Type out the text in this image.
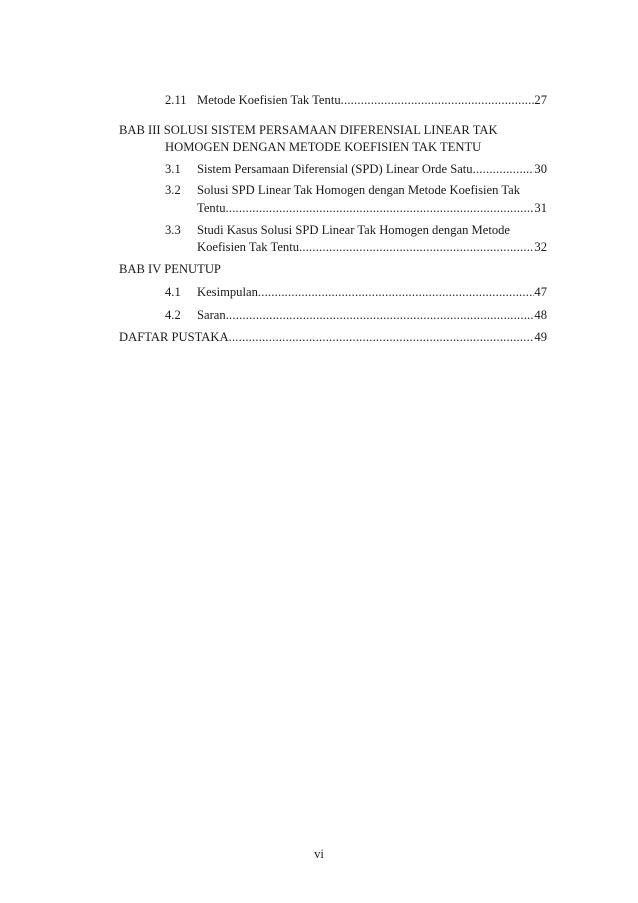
2.11 Metode Koefisien Tak Tentu .....	27
BAB III SOLUSI SISTEM PERSAMAAN DIFERENSIAL LINEAR TAK
HOMOGEN DENGAN METODE KOEFISIEN TAK TENTU
3.1 Sistem Persamaan Diferensial (SPD) Linear Orde Satu .....	30
3.2 Solusi SPD Linear Tak Homogen dengan Metode Koefisien Tak
Tentu .....	31
3.3 Studi Kasus Solusi SPD Linear Tak Homogen dengan Metode
Koefisien Tak Tentu .....	32
BAB IV PENUTUP
4.1 Kesimpulan .....	47
4.2 Saran .....	48
DAFTAR PUSTAKA .....	49
vi
